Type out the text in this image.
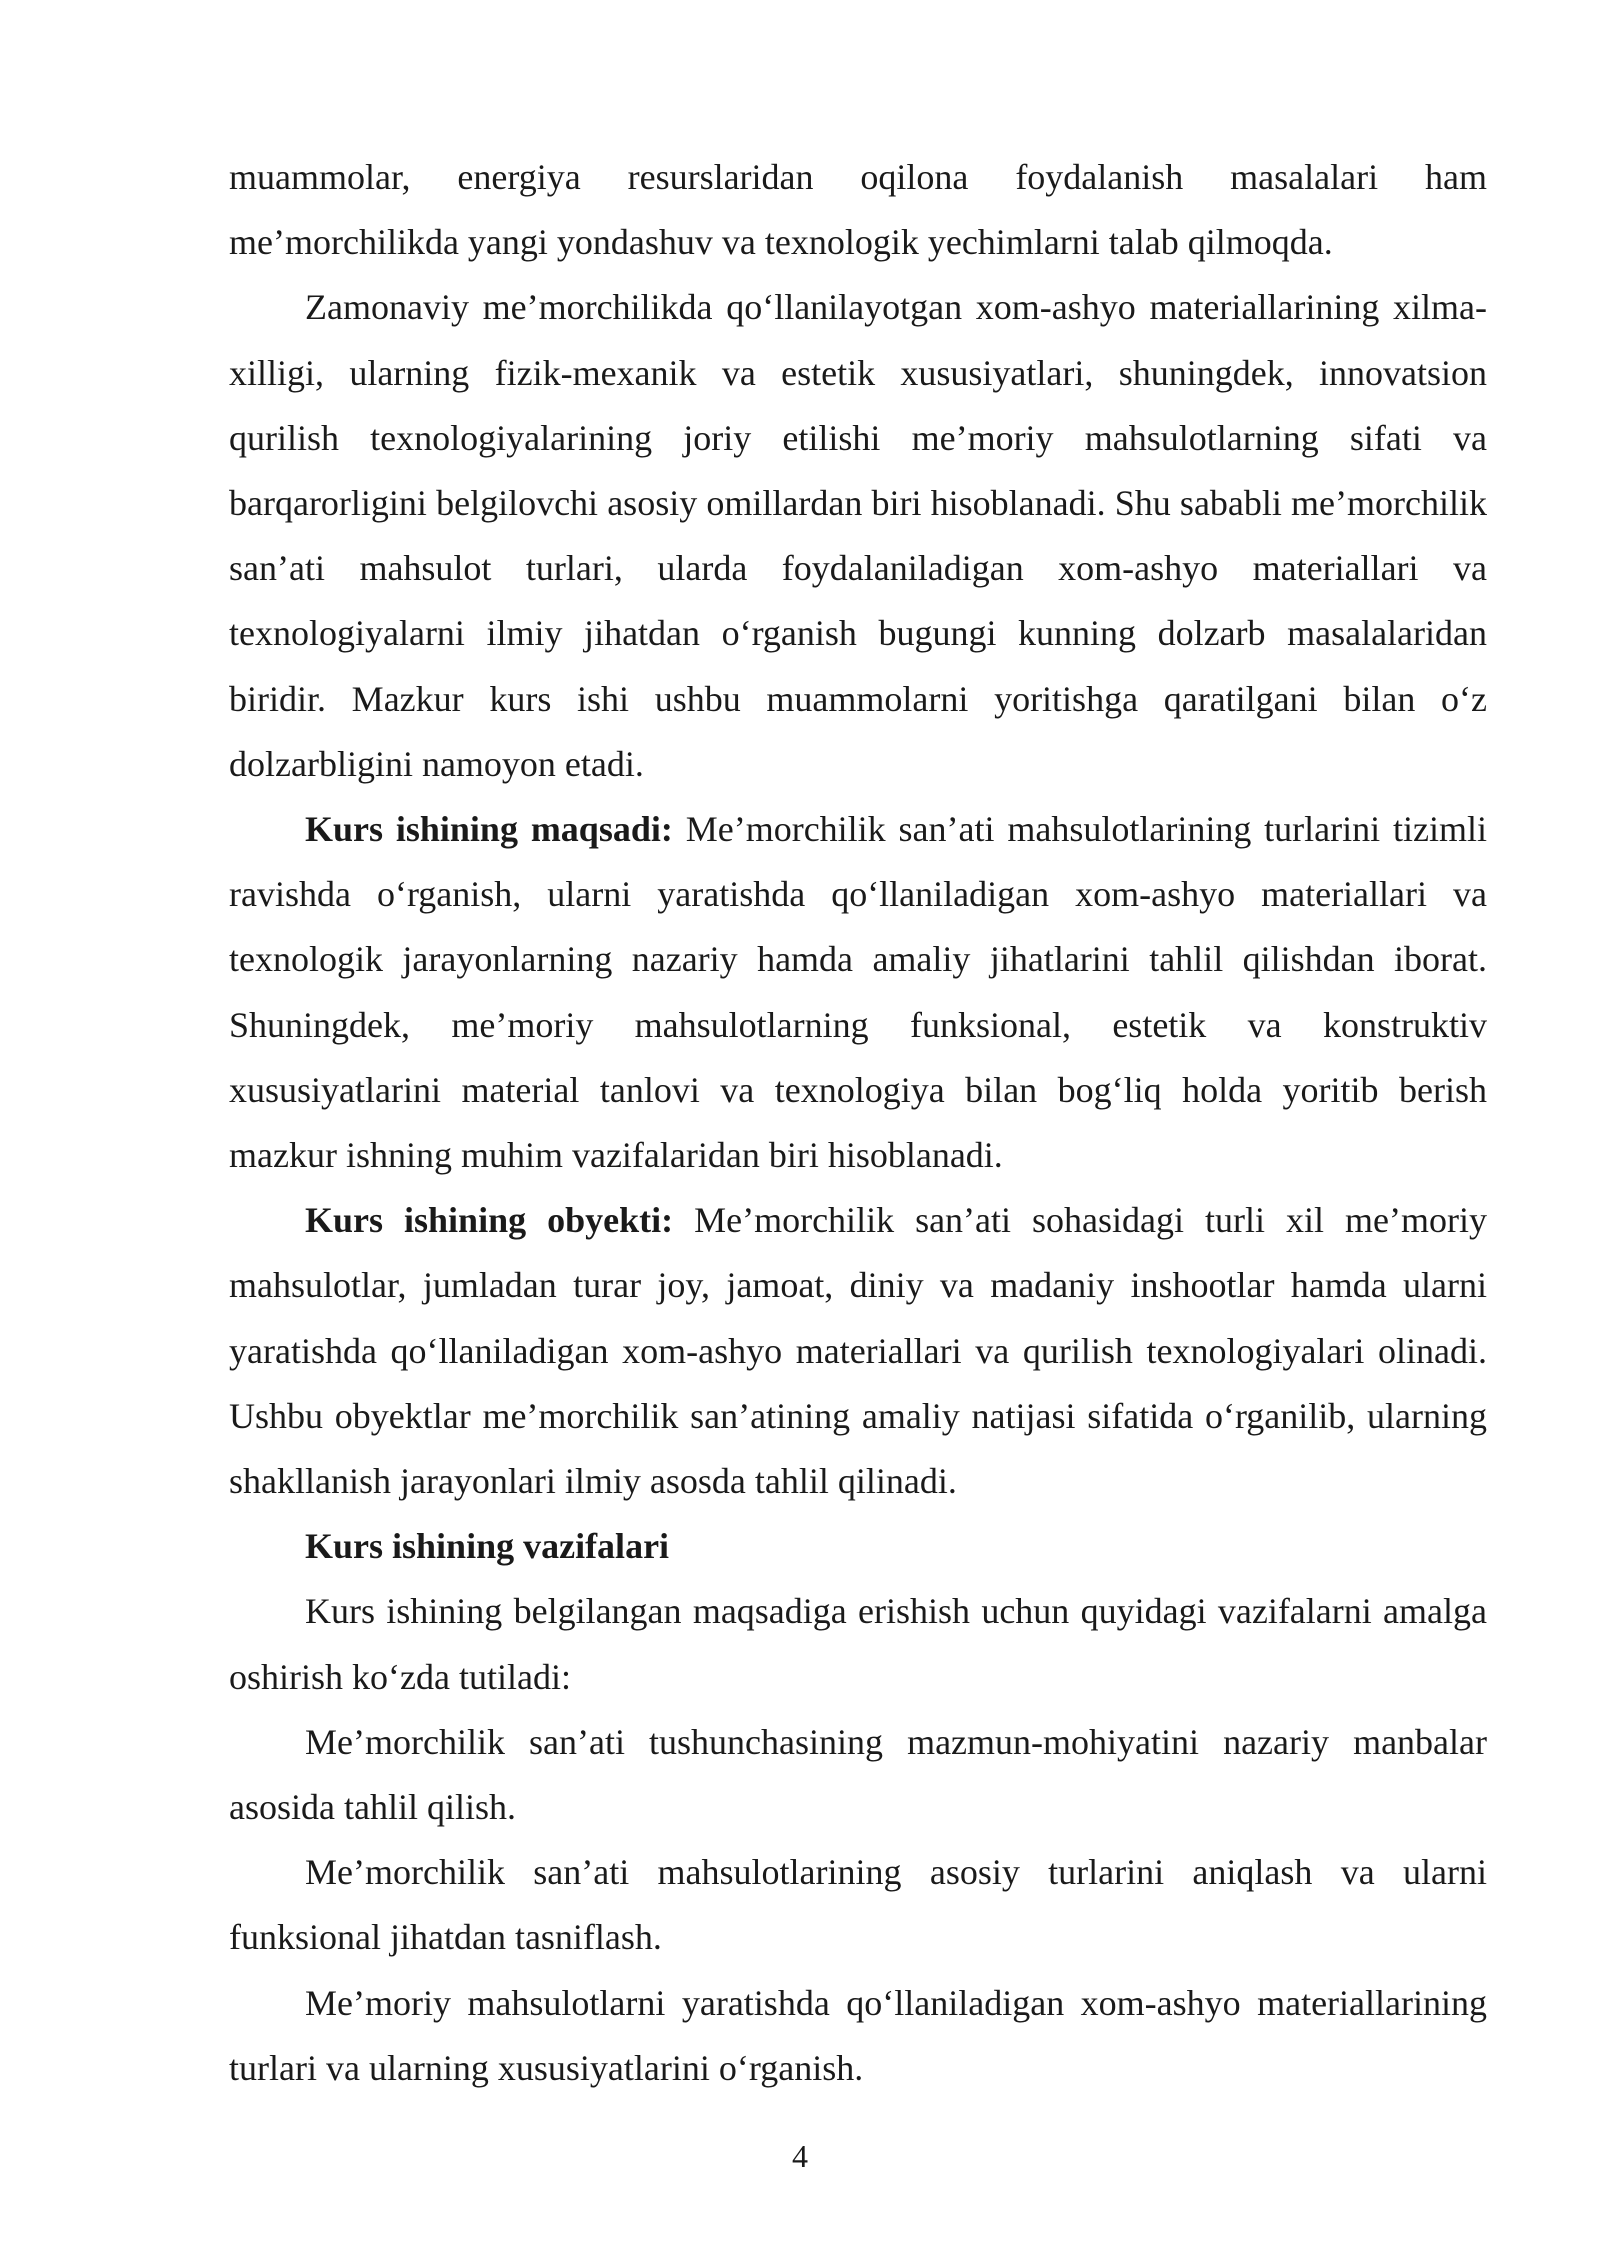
muammolar, energiya resurslaridan oqilona foydalanish masalalari ham me’morchilikda yangi yondashuv va texnologik yechimlarni talab qilmoqda.

Zamonaviy me’morchilikda qo‘llanilayotgan xom-ashyo materiallarining xilma-xilligi, ularning fizik-mexanik va estetik xususiyatlari, shuningdek, innovatsion qurilish texnologiyalarining joriy etilishi me’moriy mahsulotlarning sifati va barqarorligini belgilovchi asosiy omillardan biri hisoblanadi. Shu sababli me’morchilik san’ati mahsulot turlari, ularda foydalaniladigan xom-ashyo materiallari va texnologiyalarni ilmiy jihatdan o‘rganish bugungi kunning dolzarb masalalaridan biridir. Mazkur kurs ishi ushbu muammolarni yoritishga qaratilgani bilan o‘z dolzarbligini namoyon etadi.

Kurs ishining maqsadi: Me’morchilik san’ati mahsulotlarining turlarini tizimli ravishda o‘rganish, ularni yaratishda qo‘llaniladigan xom-ashyo materiallari va texnologik jarayonlarning nazariy hamda amaliy jihatlarini tahlil qilishdan iborat. Shuningdek, me’moriy mahsulotlarning funksional, estetik va konstruktiv xususiyatlarini material tanlovi va texnologiya bilan bog‘liq holda yoritib berish mazkur ishning muhim vazifalaridan biri hisoblanadi.

Kurs ishining obyekti: Me’morchilik san’ati sohasidagi turli xil me’moriy mahsulotlar, jumladan turar joy, jamoat, diniy va madaniy inshootlar hamda ularni yaratishda qo‘llaniladigan xom-ashyo materiallari va qurilish texnologiyalari olinadi. Ushbu obyektlar me’morchilik san’atining amaliy natijasi sifatida o‘rganilib, ularning shakllanish jarayonlari ilmiy asosda tahlil qilinadi.

Kurs ishining vazifalari

Kurs ishining belgilangan maqsadiga erishish uchun quyidagi vazifalarni amalga oshirish ko‘zda tutiladi:

Me’morchilik san’ati tushunchasining mazmun-mohiyatini nazariy manbalar asosida tahlil qilish.

Me’morchilik san’ati mahsulotlarining asosiy turlarini aniqlash va ularni funksional jihatdan tasniflash.

Me’moriy mahsulotlarni yaratishda qo‘llaniladigan xom-ashyo materiallarining turlari va ularning xususiyatlarini o‘rganish.

4
